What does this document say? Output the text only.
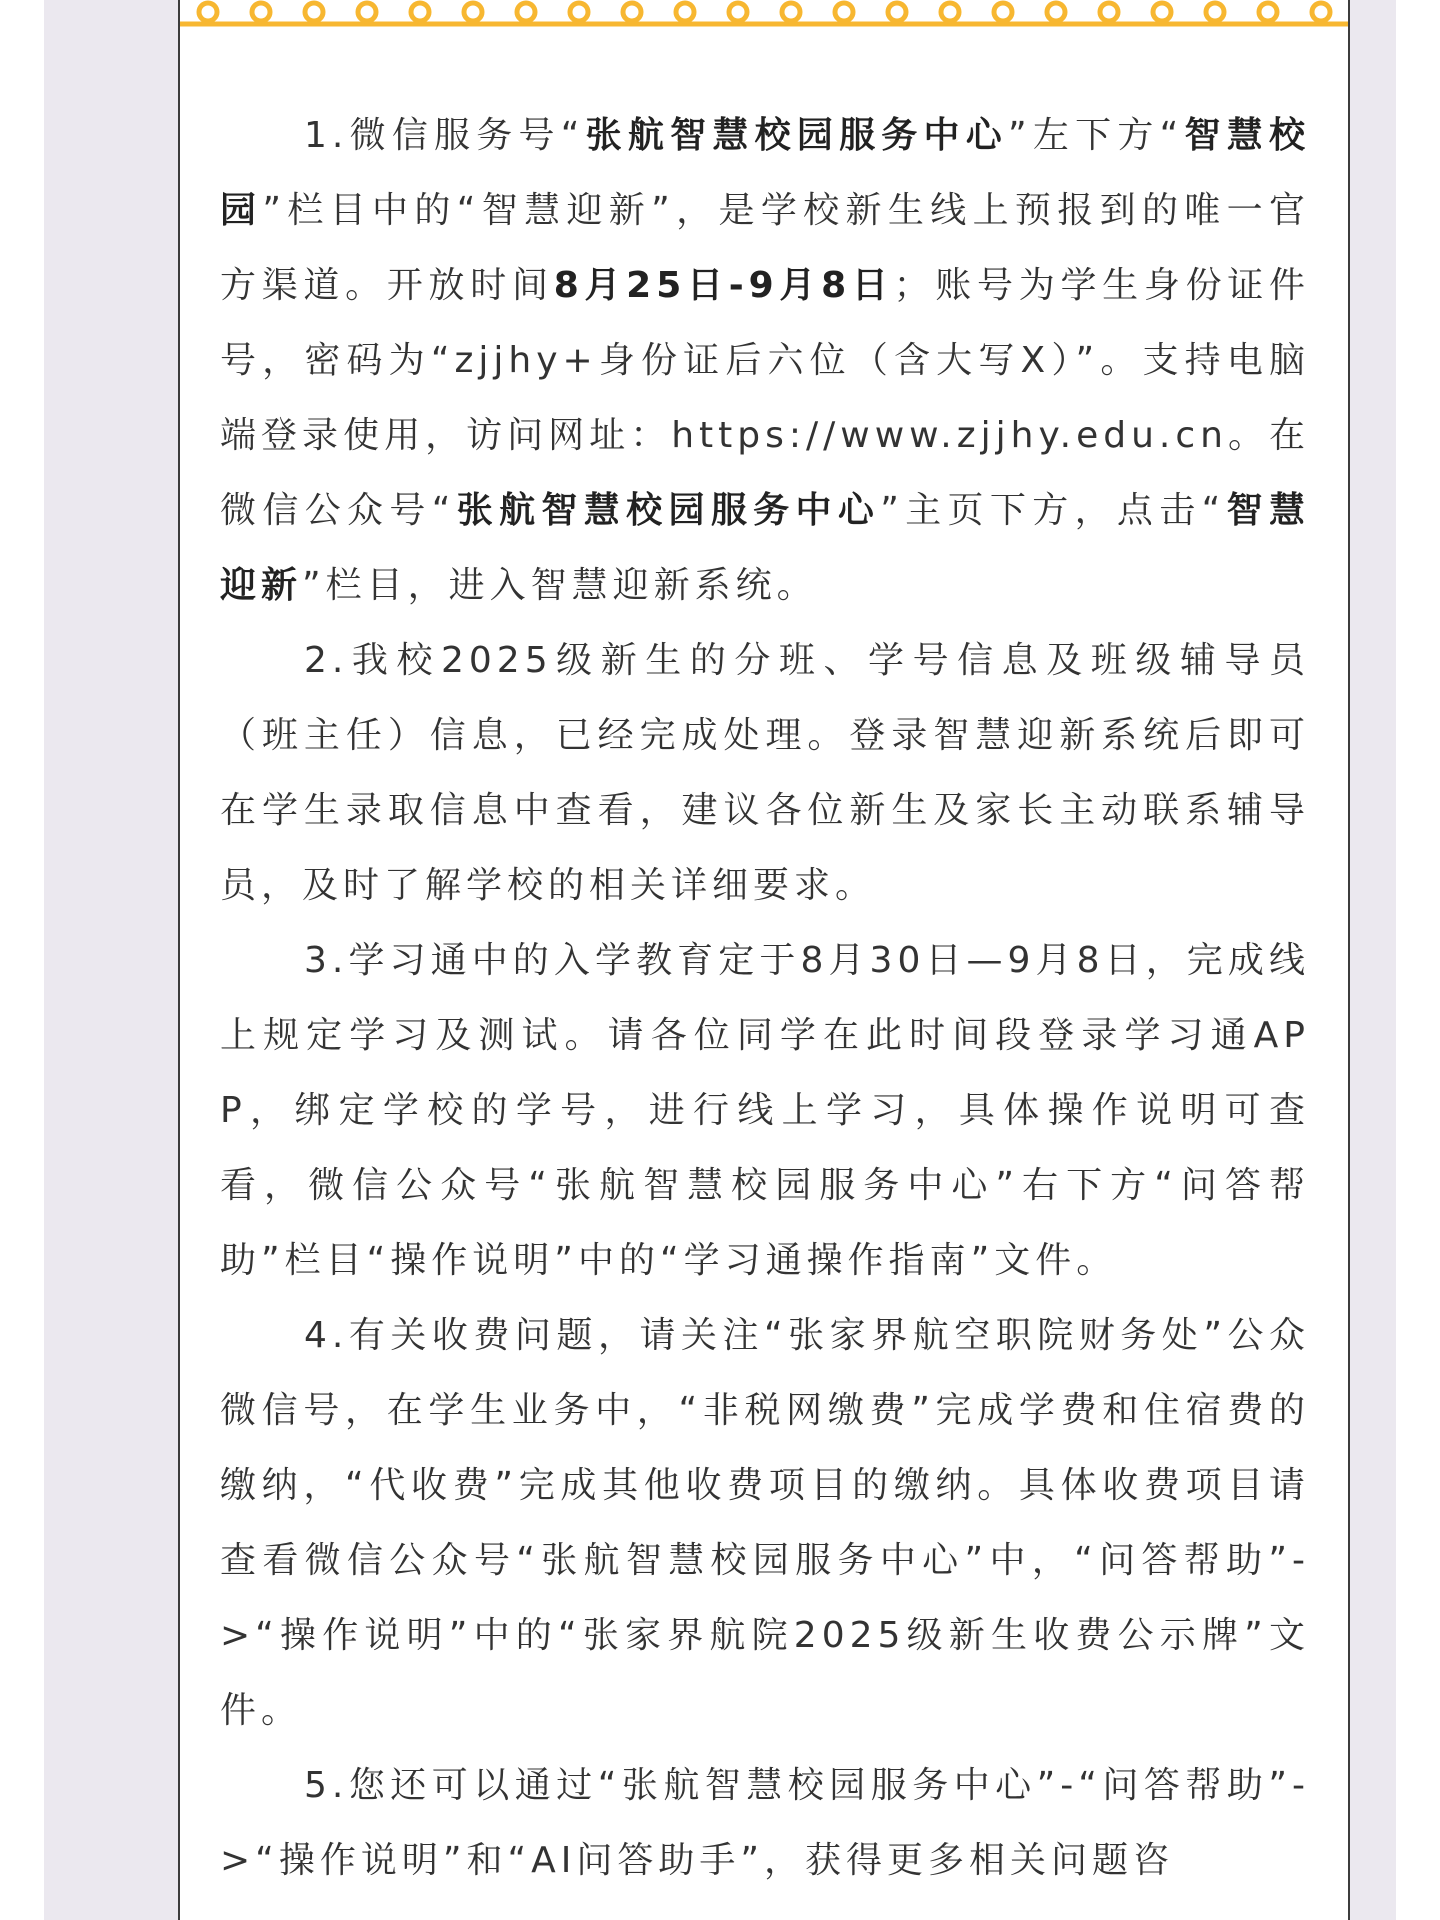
1.微信服务号“张航智慧校园服务中心”左下方“智慧校园”栏目中的“智慧迎新”，是学校新生线上预报到的唯一官方渠道。开放时间8月25日-9月8日；账号为学生身份证件号，密码为“zjjhy+身份证后六位（含大写X）”。支持电脑端登录使用，访问网址：https://www.zjjhy.edu.cn。在微信公众号“张航智慧校园服务中心”主页下方，点击“智慧迎新”栏目，进入智慧迎新系统。

2.我校2025级新生的分班、学号信息及班级辅导员（班主任）信息，已经完成处理。登录智慧迎新系统后即可在学生录取信息中查看，建议各位新生及家长主动联系辅导员，及时了解学校的相关详细要求。

3.学习通中的入学教育定于8月30日—9月8日，完成线上规定学习及测试。请各位同学在此时间段登录学习通APP，绑定学校的学号，进行线上学习，具体操作说明可查看，微信公众号“张航智慧校园服务中心”右下方“问答帮助”栏目“操作说明”中的“学习通操作指南”文件。

4.有关收费问题，请关注“张家界航空职院财务处”公众微信号，在学生业务中，“非税网缴费”完成学费和住宿费的缴纳，“代收费”完成其他收费项目的缴纳。具体收费项目请查看微信公众号“张航智慧校园服务中心”中，“问答帮助”->“操作说明”中的“张家界航院2025级新生收费公示牌”文件。

5.您还可以通过“张航智慧校园服务中心”-“问答帮助”->“操作说明”和“AI问答助手”，获得更多相关问题咨
